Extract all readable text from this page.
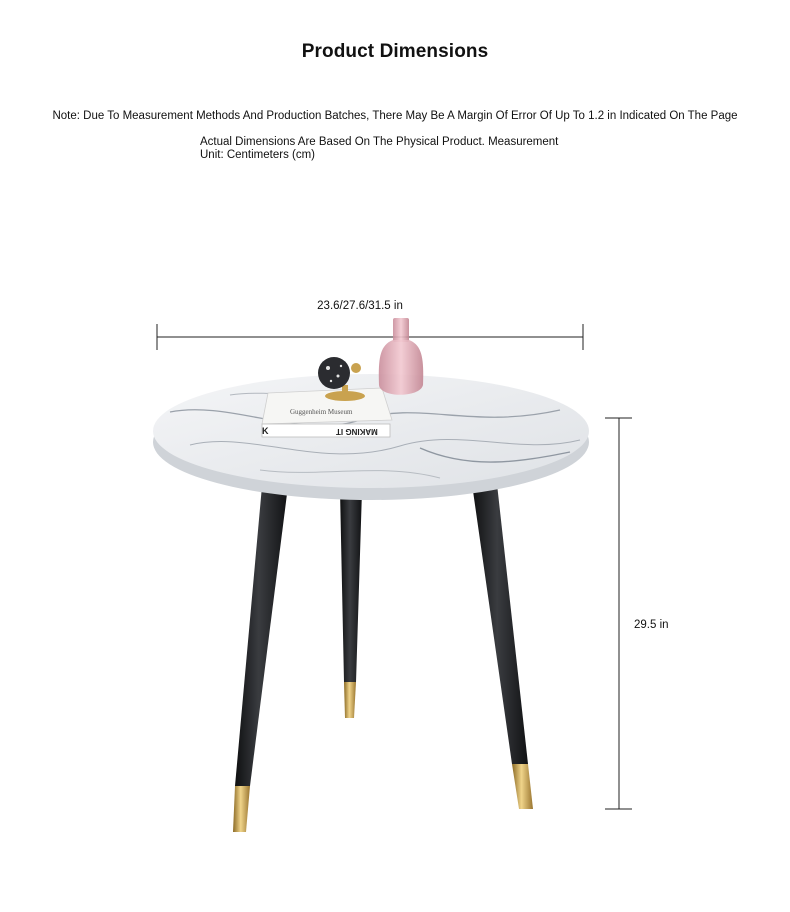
Product Dimensions
Note: Due To Measurement Methods And Production Batches, There May Be A Margin Of Error Of Up To 1.2 in Indicated On The Page
Actual Dimensions Are Based On The Physical Product. Measurement
Unit: Centimeters (cm)
23.6/27.6/31.5 in
29.5 in
K	MAKING IT
Guggenheim Museum
